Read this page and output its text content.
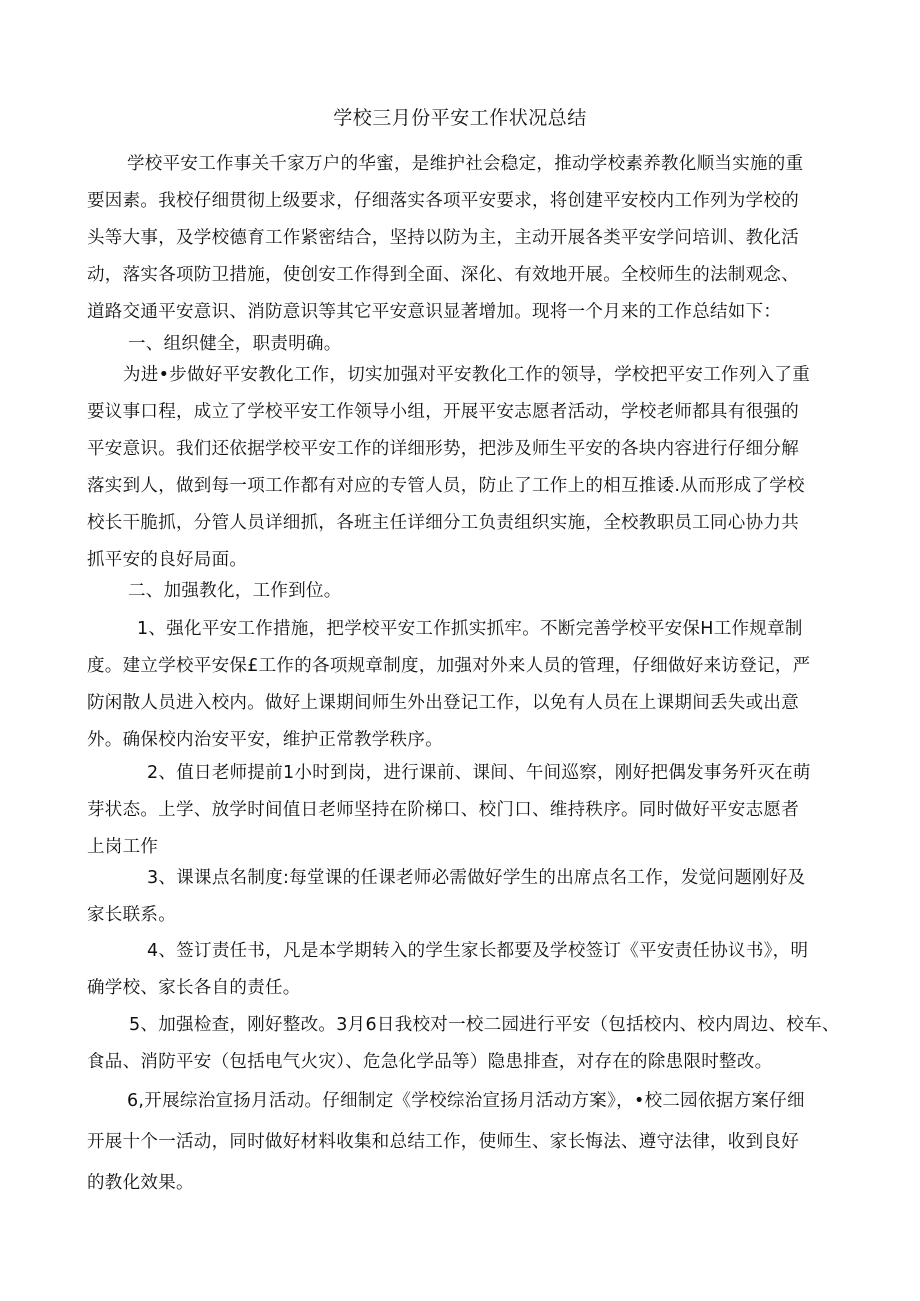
学校三月份平安工作状况总结

学校平安工作事关千家万户的华蜜，是维护社会稳定，推动学校素养教化顺当实施的重
要因素。我校仔细贯彻上级要求，仔细落实各项平安要求，将创建平安校内工作列为学校的
头等大事，及学校德育工作紧密结合，坚持以防为主，主动开展各类平安学问培训、教化活
动，落实各项防卫措施，使创安工作得到全面、深化、有效地开展。全校师生的法制观念、
道路交通平安意识、消防意识等其它平安意识显著增加。现将一个月来的工作总结如下：

一、组织健全，职责明确。

为进•步做好平安教化工作，切实加强对平安教化工作的领导，学校把平安工作列入了重
要议事口程，成立了学校平安工作领导小组，开展平安志愿者活动，学校老师都具有很强的
平安意识。我们还依据学校平安工作的详细形势，把涉及师生平安的各块内容进行仔细分解
落实到人，做到每一项工作都有对应的专管人员，防止了工作上的相互推诿.从而形成了学校
校长干脆抓，分管人员详细抓，各班主任详细分工负责组织实施，全校教职员工同心协力共
抓平安的良好局面。

二、加强教化，工作到位。

1、强化平安工作措施，把学校平安工作抓实抓牢。不断完善学校平安保H工作规章制
度。建立学校平安保£工作的各项规章制度，加强对外来人员的管理，仔细做好来访登记，严
防闲散人员进入校内。做好上课期间师生外出登记工作，以免有人员在上课期间丢失或出意
外。确保校内治安平安，维护正常教学秩序。

2、值日老师提前1小时到岗，进行课前、课间、午间巡察，刚好把偶发事务歼灭在萌
芽状态。上学、放学时间值日老师坚持在阶梯口、校门口、维持秩序。同时做好平安志愿者
上岗工作

3、课课点名制度:每堂课的任课老师必需做好学生的出席点名工作，发觉问题刚好及
家长联系。

4、签订责任书，凡是本学期转入的学生家长都要及学校签订《平安责任协议书》，明
确学校、家长各自的责任。

5、加强检查，刚好整改。3月6日我校对一校二园进行平安（包括校内、校内周边、校车、
食品、消防平安（包括电气火灾）、危急化学品等）隐患排查，对存在的除患限时整改。

6,开展综治宣扬月活动。仔细制定《学校综治宣扬月活动方案》，•校二园依据方案仔细
开展十个一活动，同时做好材料收集和总结工作，使师生、家长悔法、遵守法律，收到良好
的教化效果。
